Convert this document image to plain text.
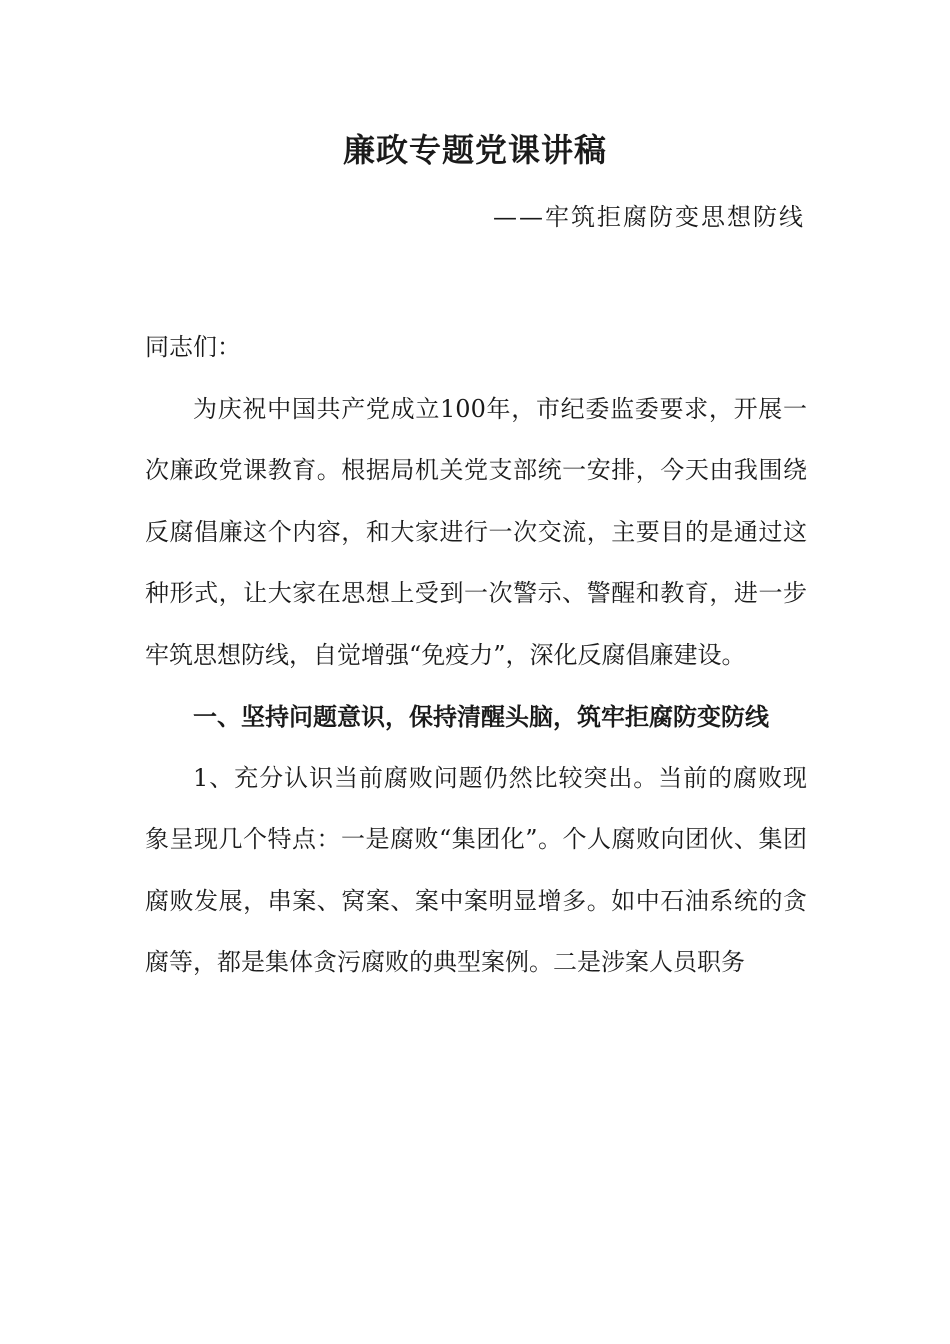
廉政专题党课讲稿

——牢筑拒腐防变思想防线

同志们：

为庆祝中国共产党成立100年，市纪委监委要求，开展一次廉政党课教育。根据局机关党支部统一安排，今天由我围绕反腐倡廉这个内容，和大家进行一次交流，主要目的是通过这种形式，让大家在思想上受到一次警示、警醒和教育，进一步牢筑思想防线，自觉增强“免疫力”，深化反腐倡廉建设。

一、坚持问题意识，保持清醒头脑，筑牢拒腐防变防线

1、充分认识当前腐败问题仍然比较突出。当前的腐败现象呈现几个特点：一是腐败“集团化”。个人腐败向团伙、集团腐败发展，串案、窝案、案中案明显增多。如中石油系统的贪腐等，都是集体贪污腐败的典型案例。二是涉案人员职务
